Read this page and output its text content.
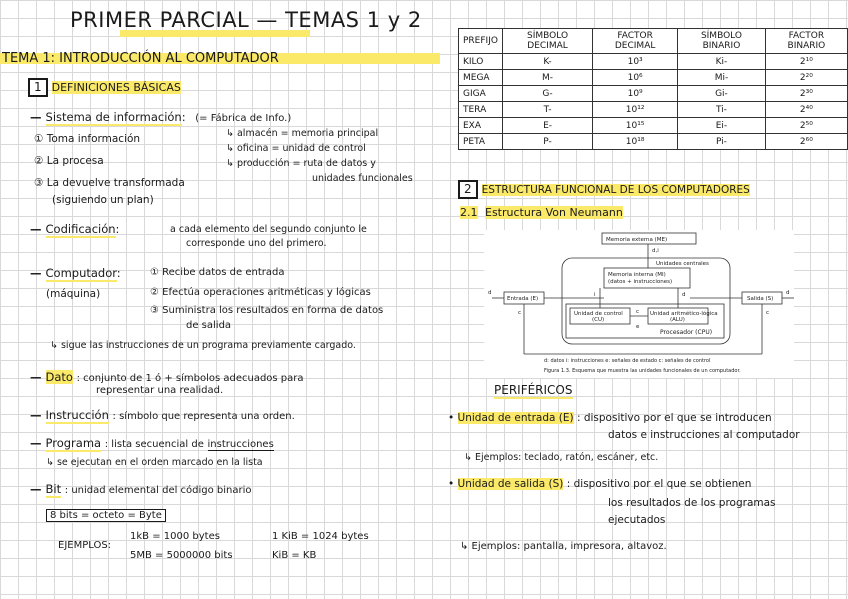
PRIMER PARCIAL — TEMAS 1 y 2
TEMA 1: INTRODUCCIÓN AL COMPUTADOR
1 DEFINICIONES BÁSICAS
— Sistema de información: (= Fábrica de Info.)
① Toma información
② La procesa
③ La devuelve transformada
(siguiendo un plan)
↳ almacén = memoria principal
↳ oficina = unidad de control
↳ producción = ruta de datos y
unidades funcionales
— Codificación:	a cada elemento del segundo conjunto le
corresponde uno del primero.
— Computador:
(máquina)
① Recibe datos de entrada
② Efectúa operaciones aritméticas y lógicas
③ Suministra los resultados en forma de datos
de salida
↳ sigue las instrucciones de un programa previamente cargado.
— Dato : conjunto de 1 ó + símbolos adecuados para
representar una realidad.
— Instrucción : símbolo que representa una orden.
— Programa : lista secuencial de instrucciones
↳ se ejecutan en el orden marcado en la lista
— Bit : unidad elemental del código binario
8 bits = octeto = Byte
EJEMPLOS:
1kB = 1000 bytes
5MB = 5000000 bits
1 KiB = 1024 bytes
KiB = KB
PREFIJO	SÍMBOLO DECIMAL	FACTOR DECIMAL	SÍMBOLO BINARIO	FACTOR BINARIO
KILO	K-	10³	Ki-	2¹⁰
MEGA	M-	10⁶	Mi-	2²⁰
GIGA	G-	10⁹	Gi-	2³⁰
TERA	T-	10¹²	Ti-	2⁴⁰
EXA	E-	10¹⁵	Ei-	2⁵⁰
PETA	P-	10¹⁸	Pi-	2⁶⁰
2 ESTRUCTURA FUNCIONAL DE LOS COMPUTADORES
2.1 Estructura Von Neumann
Memoria externa (ME)
Unidades centrales
Memoria interna (MI)
(datos + instrucciones)
Entrada (E)	Salida (S)
Unidad de control
(CU)
Unidad aritmético-lógica
(ALU)
Procesador (CPU)
d,i
d	d
i	d
c	c
c
e
d: datos i: instrucciones e: señales de estado c: señales de control
Figura 1.3. Esquema que muestra las unidades funcionales de un computador.
PERIFÉRICOS
• Unidad de entrada (E) : dispositivo por el que se introducen
datos e instrucciones al computador
↳ Ejemplos: teclado, ratón, escáner, etc.
• Unidad de salida (S) : dispositivo por el que se obtienen
los resultados de los programas
ejecutados
↳ Ejemplos: pantalla, impresora, altavoz.
